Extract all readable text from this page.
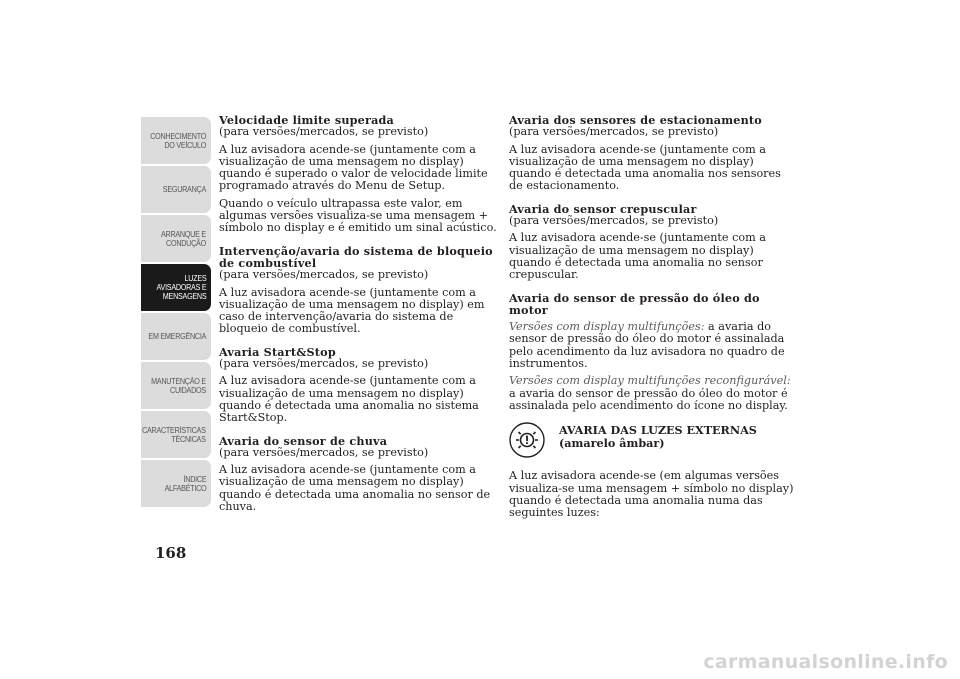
CONHECIMENTO
DO VEÍCULO
SEGURANÇA
ARRANQUE E
CONDUÇÃO
LUZES
AVISADORAS E
MENSAGENS
EM EMERGÊNCIA
MANUTENÇÃO E
CUIDADOS
CARACTERÍSTICAS
TÉCNICAS
ÍNDICE
ALFABÉTICO
168
Velocidade limite superada
(para versões/mercados, se previsto)
A luz avisadora acende-se (juntamente com a visualização de uma mensagem no display) quando é superado o valor de velocidade limite programado através do Menu de Setup.
Quando o veículo ultrapassa este valor, em algumas versões visualiza-se uma mensagem + símbolo no display e é emitido um sinal acústico.
Intervenção/avaria do sistema de bloqueio
de combustível
(para versões/mercados, se previsto)
A luz avisadora acende-se (juntamente com a visualização de uma mensagem no display) em caso de intervenção/avaria do sistema de bloqueio de combustível.
Avaria Start&Stop
(para versões/mercados, se previsto)
A luz avisadora acende-se (juntamente com a visualização de uma mensagem no display) quando é detectada uma anomalia no sistema Start&Stop.
Avaria do sensor de chuva
(para versões/mercados, se previsto)
A luz avisadora acende-se (juntamente com a visualização de uma mensagem no display) quando é detectada uma anomalia no sensor de chuva.
Avaria dos sensores de estacionamento
(para versões/mercados, se previsto)
A luz avisadora acende-se (juntamente com a visualização de uma mensagem no display) quando é detectada uma anomalia nos sensores de estacionamento.
Avaria do sensor crepuscular
(para versões/mercados, se previsto)
A luz avisadora acende-se (juntamente com a visualização de uma mensagem no display) quando é detectada uma anomalia no sensor crepuscular.
Avaria do sensor de pressão do óleo do motor
Versões com display multifunções: a avaria do sensor de pressão do óleo do motor é assinalada pelo acendimento da luz avisadora no quadro de instrumentos.
Versões com display multifunções reconfigurável: a avaria do sensor de pressão do óleo do motor é assinalada pelo acendimento do ícone no display.
AVARIA DAS LUZES EXTERNAS
(amarelo âmbar)
A luz avisadora acende-se (em algumas versões visualiza-se uma mensagem + símbolo no display) quando é detectada uma anomalia numa das seguintes luzes:
carmanualsonline.info
